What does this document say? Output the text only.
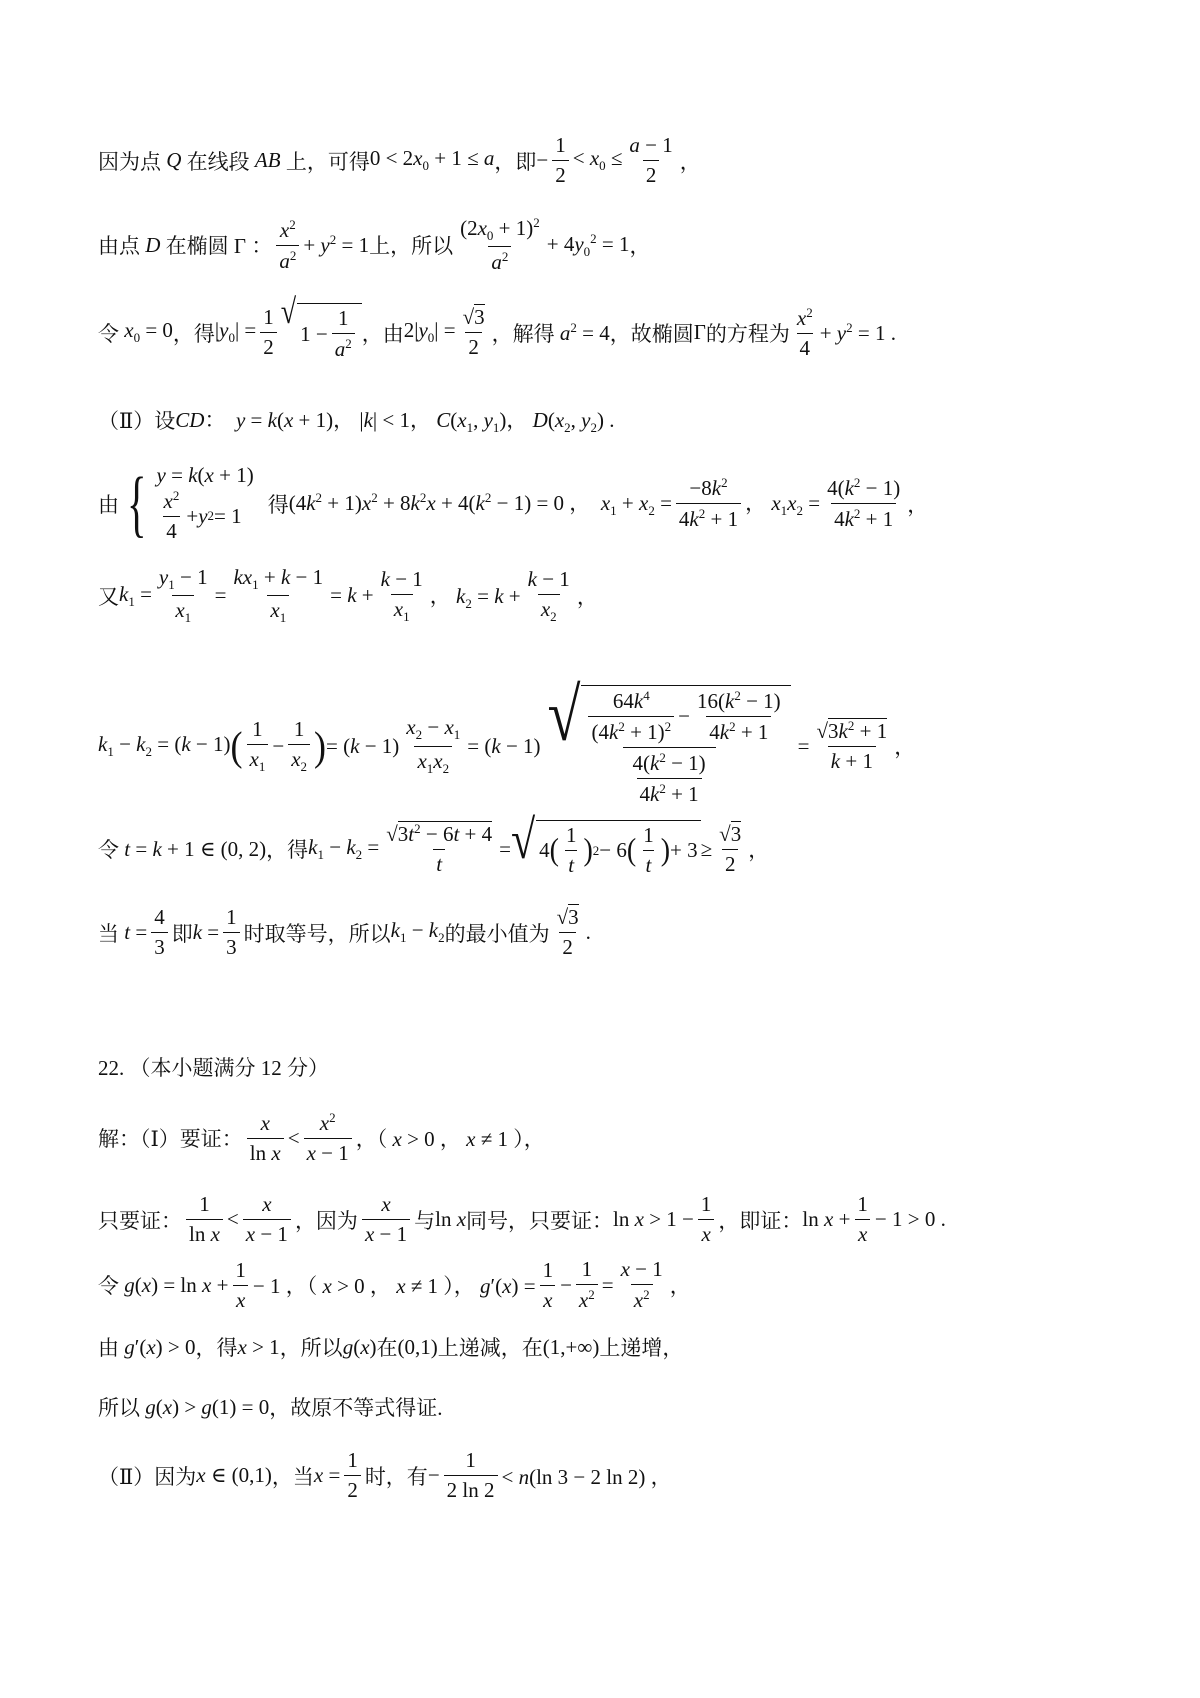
因为点 Q 在线段 AB 上，可得 $0 < 2x_0 + 1 \le a$ ，即 − $\frac{1}{2} < x_0 \le \frac{a - 1}{2}$ ，
由点 D 在椭圆 Γ ： $\frac{x^2}{a^2} + y^2 = 1$ 上，所以 $\frac{(2x_0 + 1)^2}{a^2} + 4y_0^2 = 1$ ，
令 $x_0 = 0$ ，得 $|y_0| = \frac{1}{2}$ √
$1 - \frac{1}{a^2}$ ，由 $2|y_0| = \frac{√3}{2}$ ，解得 $a^2 = 4$ ，故椭圆 Γ 的方程为 $\frac{x^2}{4} + y^2 = 1$ .
（Ⅱ）设 CD：  y = k(x + 1)， |k| < 1， $C(x_1$, $y_1$)， $D(x_2$, $y_2$) .
由 { y = k(x + 1)
$\frac{x^2}{4} + y$ 2 = 1	得 $(4k^2 + 1)x^2 + 8k^2x + 4(k^2 - 1) = 0$ ，  $x_1 + x_2 = \frac{-8k^2}{4k^2 + 1}$ ， $x_1x_2 = \frac{4(k^2 - 1)}{4k^2 + 1}$ ，
又 $k_1 = \frac{y_1 - 1}{x_1} = \frac{kx_1 + k - 1}{x_1} = k + \frac{k - 1}{x_1}$ ， $k_2 = k + \frac{k - 1}{x_2}$ ，
$k_1 - k_2 = (k - 1)$ ( $\frac{1}{x_1} - \frac{1}{x_2}$ ) = $(k - 1) \frac{x_2 - x_1}{x_1x_2} = (k - 1) \frac{√ \frac{64k^4}{(4k^2 + 1)^2} - \frac{16(k^2 - 1)}{4k^2 + 1}}{\frac{4(k^2 - 1)}{4k^2 + 1}} = \frac{√3k^2 + 1}{k + 1}$ ，
令 t = k + 1 ∈ (0, 2) ，得 $k_1 - k_2 = \frac{√3t^2 - 6t + 4}{t}$ = √ 4 ( $\frac{1}{t}$ ) 2 − 6 ( $\frac{1}{t}$ ) + $3 \ge \frac{√3}{2}$ ，
当 $t = \frac{4}{3}$ 即 $k = \frac{1}{3}$ 时取等号，所以 $k_1 - k_2$ 的最小值为 $\frac{√3}{2}$ .
22. （本小题满分 12 分）
解：（Ⅰ）要证： $\frac{x}{\text{ln x}} < \frac{x^2}{x - 1}$ ，（ x > 0 ， x ≠ 1 ），
只要证： $\frac{1}{\text{ln x}} < \frac{x}{x - 1}$ ，因为 $\frac{x}{x - 1}$ 与 ln x 同号，只要证： $\ln x > 1 - \frac{1}{x}$ ，即证： $\ln x + \frac{1}{x} - 1 > 0$ .
令 $g(x) = \ln x + \frac{1}{x} - 1$ ，（ x > 0 ， x ≠ 1 ）， $g'(x) = \frac{1}{x} - \frac{1}{x^2} = \frac{x - 1}{x^2}$ ，
由 g′(x) > 0 ，得 x > 1 ，所以 g(x) 在 (0,1) 上递减，在 (1,+∞) 上递增，
所以 g(x) > g(1) = 0 ，故原不等式得证.
（Ⅱ）因为 x ∈ (0,1) ，当 $x = \frac{1}{2}$ 时，有 − $\frac{1}{2 \ln 2} < n(\ln$ 3 − 2 ln 2) ，
